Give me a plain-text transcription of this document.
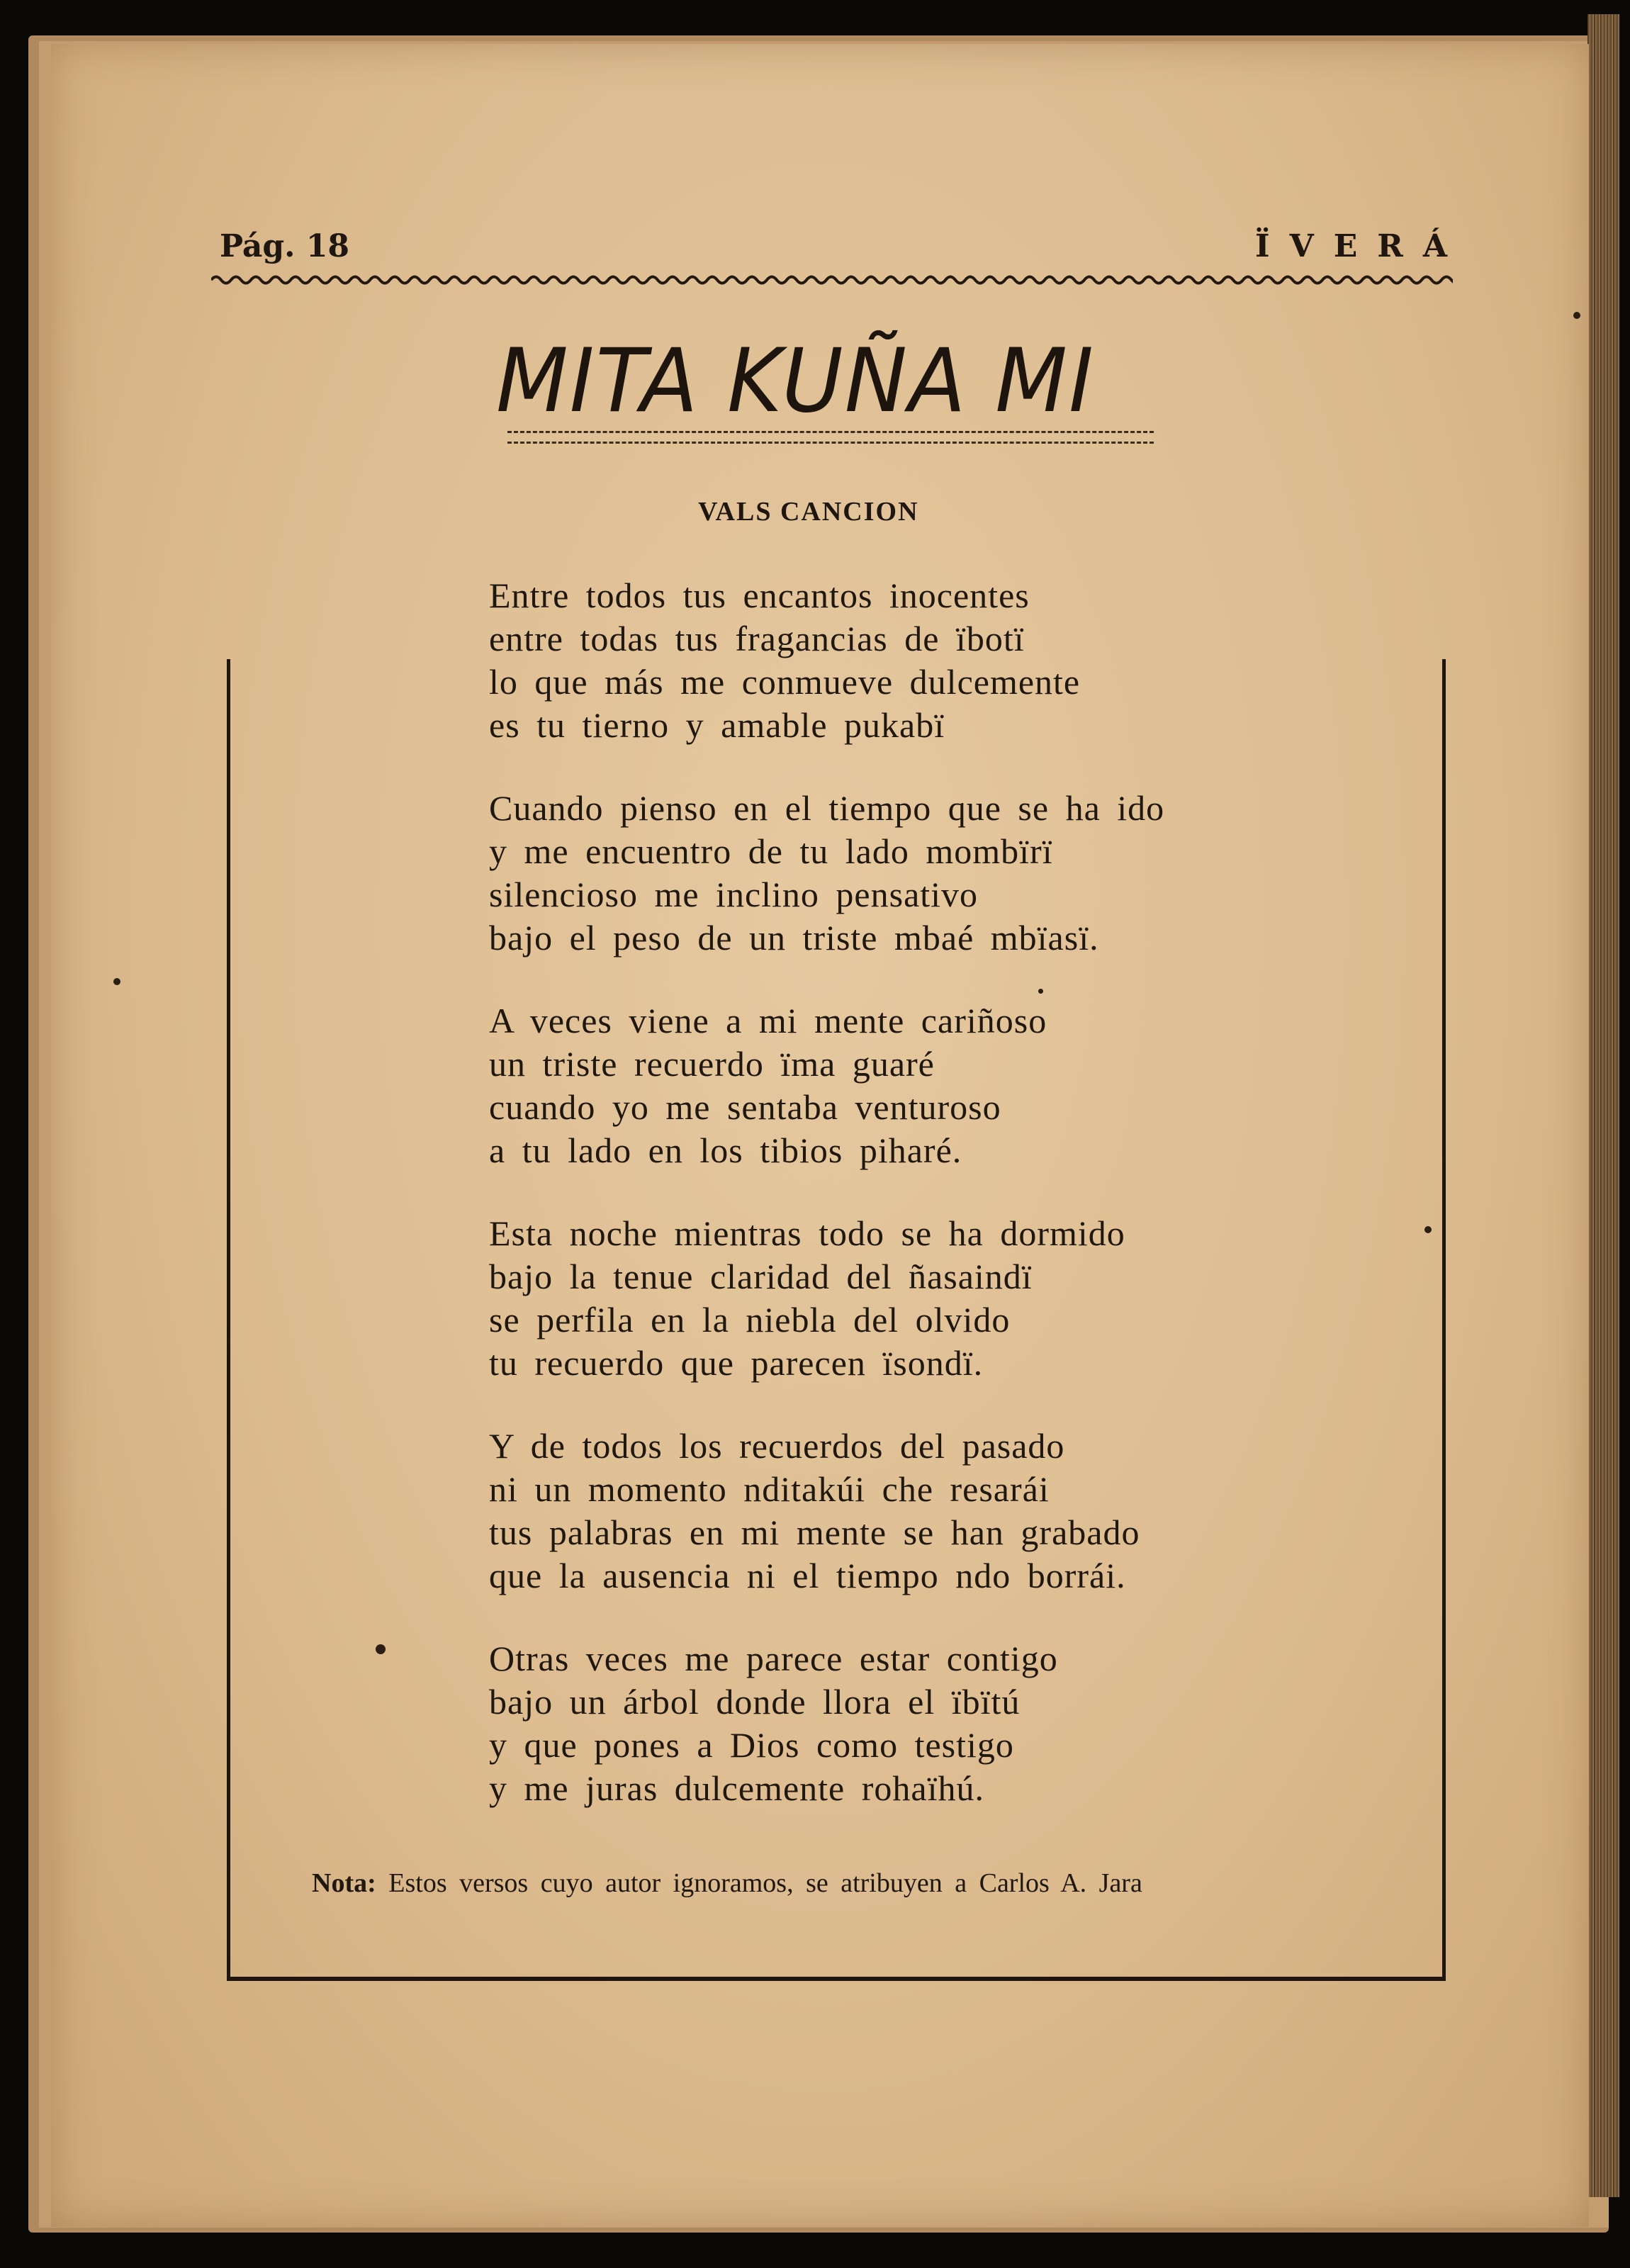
Pág. 18	ÏVERÁ
MITA KUÑA MI
VALS CANCION
Entre todos tus encantos inocentes
entre todas tus fragancias de ïbotï
lo que más me conmueve dulcemente
es tu tierno y amable pukabï
Cuando pienso en el tiempo que se ha ido
y me encuentro de tu lado mombïrï
silencioso me inclino pensativo
bajo el peso de un triste mbaé mbïasï.
A veces viene a mi mente cariñoso
un triste recuerdo ïma guaré
cuando yo me sentaba venturoso
a tu lado en los tibios piharé.
Esta noche mientras todo se ha dormido
bajo la tenue claridad del ñasaindï
se perfila en la niebla del olvido
tu recuerdo que parecen ïsondï.
Y de todos los recuerdos del pasado
ni un momento nditakúi che resarái
tus palabras en mi mente se han grabado
que la ausencia ni el tiempo ndo borrái.
Otras veces me parece estar contigo
bajo un árbol donde llora el ïbïtú
y que pones a Dios como testigo
y me juras dulcemente rohaïhú.
Nota: Estos versos cuyo autor ignoramos, se atribuyen a Carlos A. Jara
